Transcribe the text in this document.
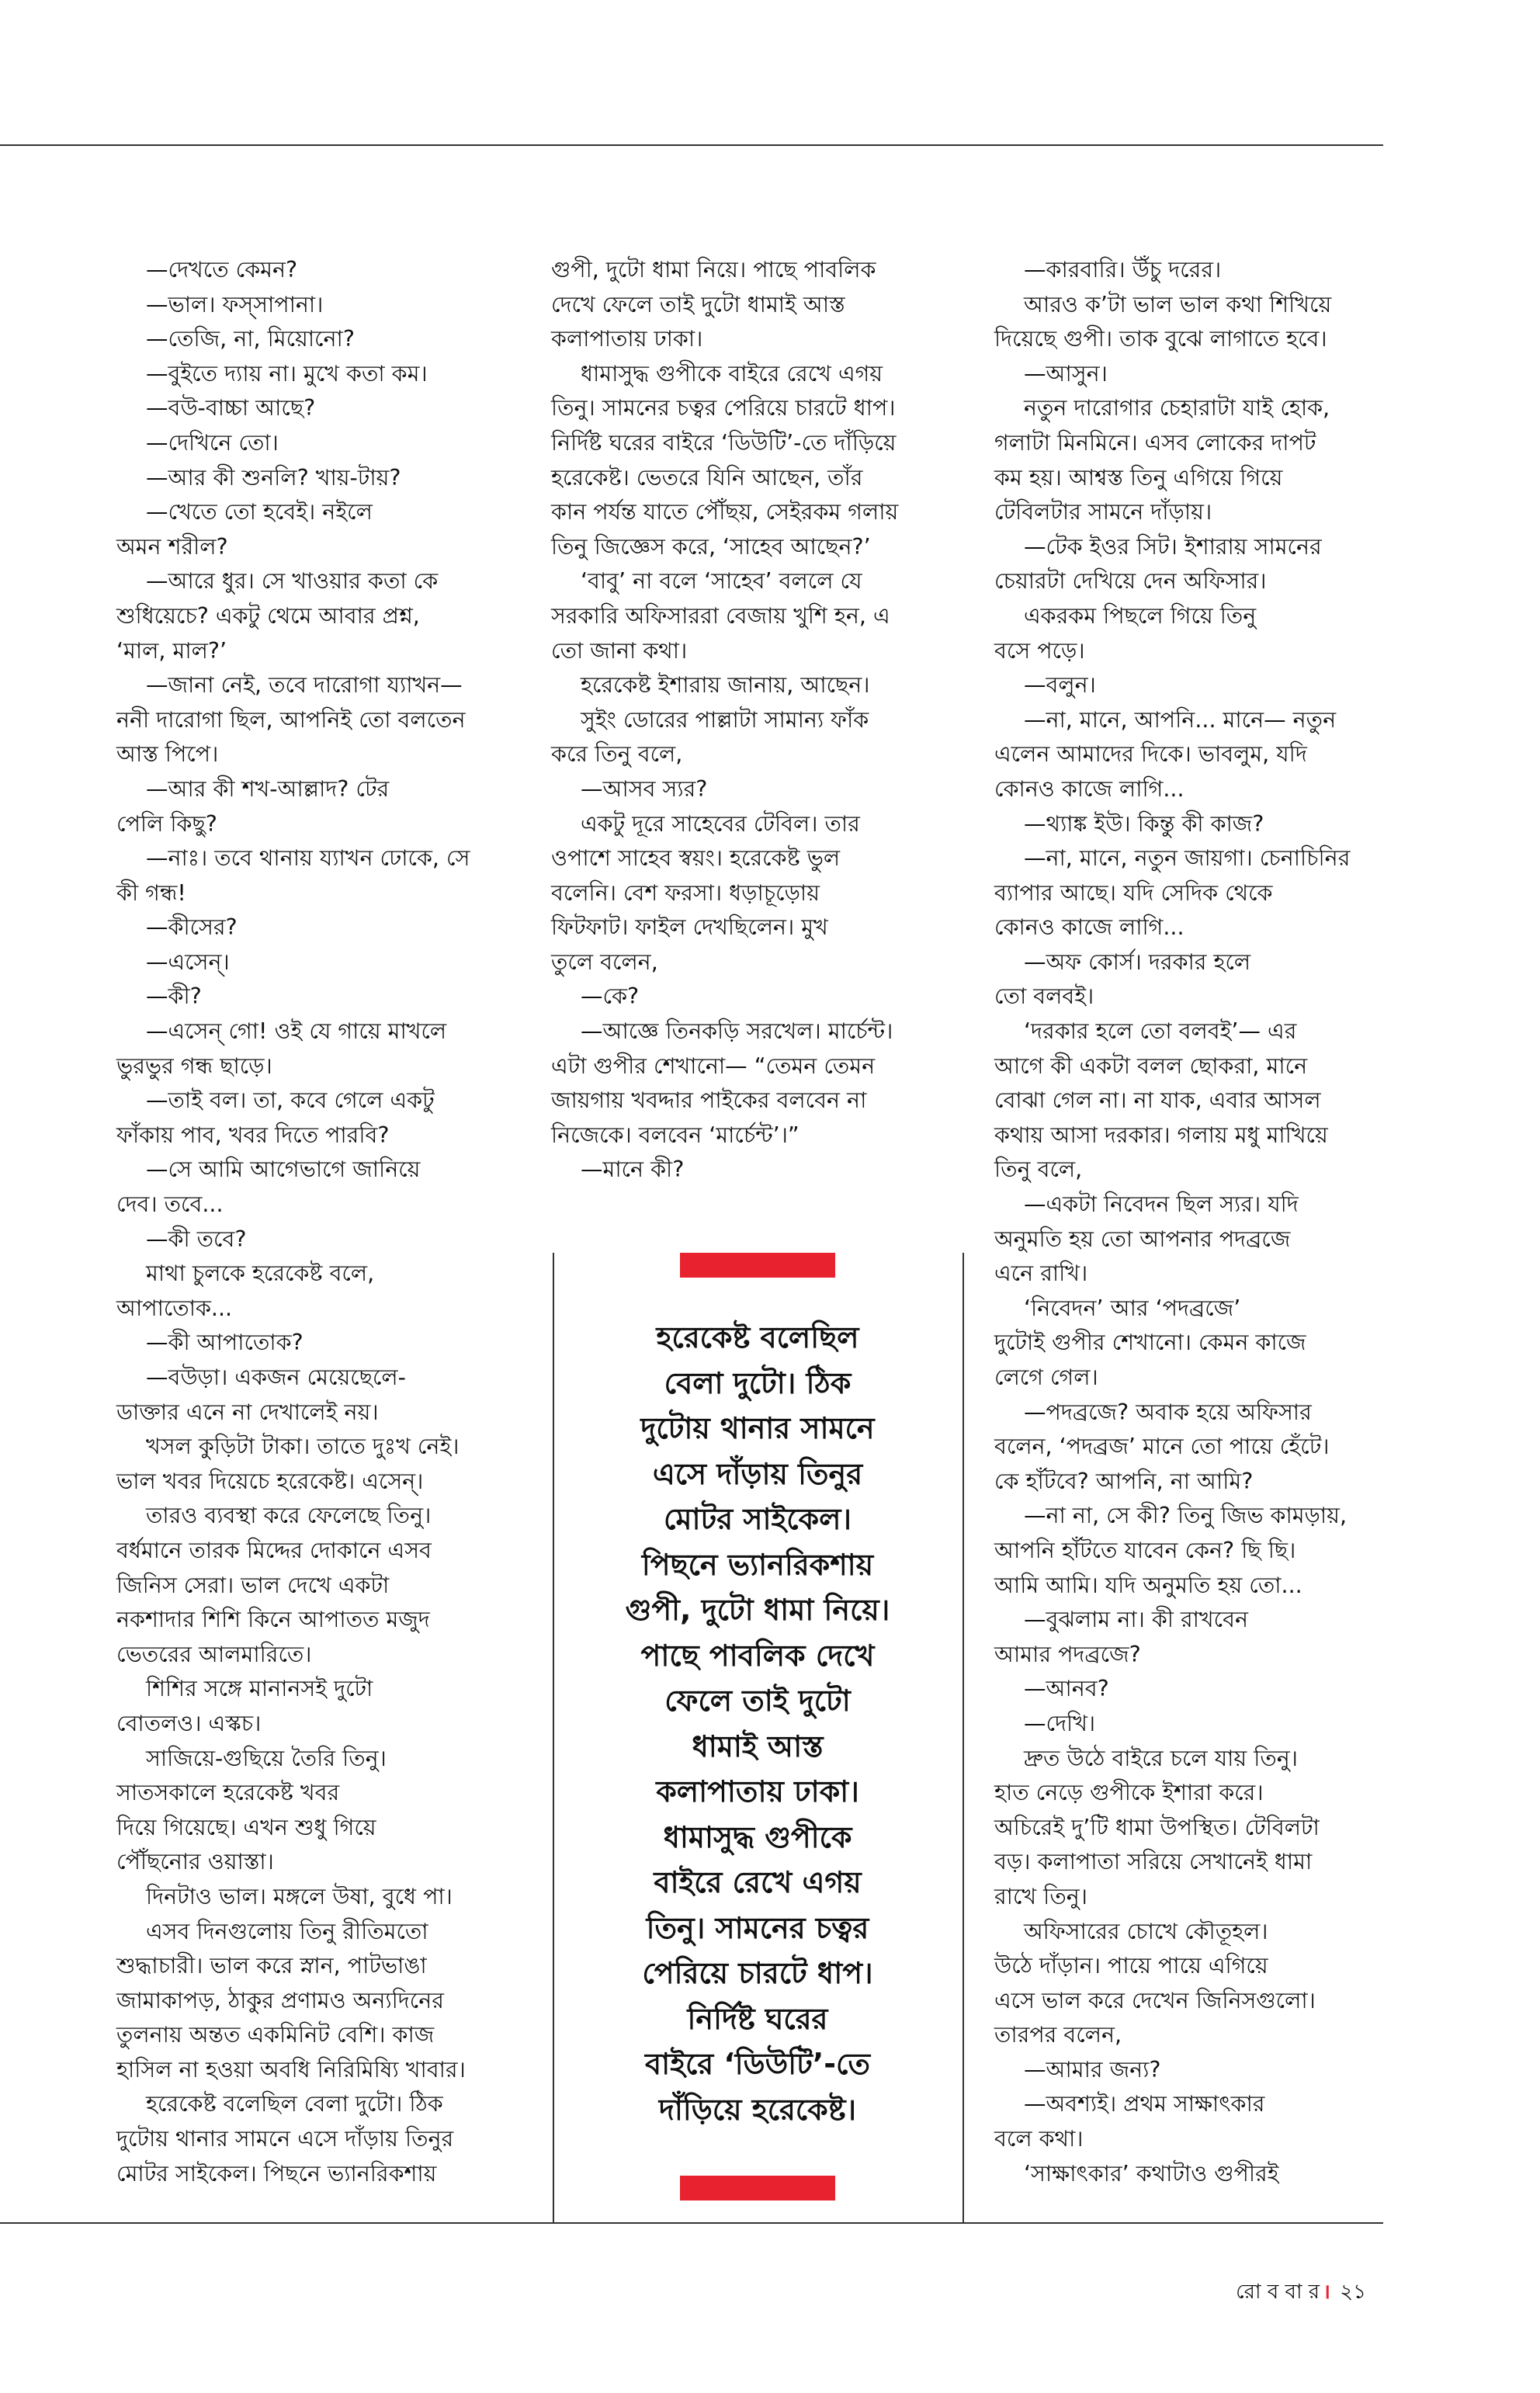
—দেখতে কেমন?

—ভাল। ফস্সাপানা।

—তেজি, না, মিয়োনো?

—বুইতে দ্যায় না। মুখে কতা কম।

—বউ-বাচ্চা আছে?

—দেখিনে তো।

—আর কী শুনলি? খায়-টায়?

—খেতে তো হবেই। নইলে

অমন শরীল?

—আরে ধুর। সে খাওয়ার কতা কে

শুধিয়েচে? একটু থেমে আবার প্রশ্ন,

‘মাল, মাল?’

—জানা নেই, তবে দারোগা য্যাখন—

ননী দারোগা ছিল, আপনিই তো বলতেন

আস্ত পিপে।

—আর কী শখ-আল্লাদ? টের

পেলি কিছু?

—নাঃ। তবে থানায় য্যাখন ঢোকে, সে

কী গন্ধ!

—কীসের?

—এসেন্।

—কী?

—এসেন্ গো! ওই যে গায়ে মাখলে

ভুরভুর গন্ধ ছাড়ে।

—তাই বল। তা, কবে গেলে একটু

ফাঁকায় পাব, খবর দিতে পারবি?

—সে আমি আগেভাগে জানিয়ে

দেব। তবে...

—কী তবে?

মাথা চুলকে হরেকেষ্ট বলে,

আপাতোক...

—কী আপাতোক?

—বউড়া। একজন মেয়েছেলে-

ডাক্তার এনে না দেখালেই নয়।

খসল কুড়িটা টাকা। তাতে দুঃখ নেই।

ভাল খবর দিয়েচে হরেকেষ্ট। এসেন্।

তারও ব্যবস্থা করে ফেলেছে তিনু।

বর্ধমানে তারক মিদ্দের দোকানে এসব

জিনিস সেরা। ভাল দেখে একটা

নকশাদার শিশি কিনে আপাতত মজুদ

ভেতরের আলমারিতে।

শিশির সঙ্গে মানানসই দুটো

বোতলও। এস্কচ।

সাজিয়ে-গুছিয়ে তৈরি তিনু।

সাতসকালে হরেকেষ্ট খবর

দিয়ে গিয়েছে। এখন শুধু গিয়ে

পৌঁছনোর ওয়াস্তা।

দিনটাও ভাল। মঙ্গলে উষা, বুধে পা।

এসব দিনগুলোয় তিনু রীতিমতো

শুদ্ধাচারী। ভাল করে স্নান, পাটভাঙা

জামাকাপড়, ঠাকুর প্রণামও অন্যদিনের

তুলনায় অন্তত একমিনিট বেশি। কাজ

হাসিল না হওয়া অবধি নিরিমিষ্যি খাবার।

হরেকেষ্ট বলেছিল বেলা দুটো। ঠিক

দুটোয় থানার সামনে এসে দাঁড়ায় তিনুর

মোটর সাইকেল। পিছনে ভ্যানরিকশায়

গুপী, দুটো ধামা নিয়ে। পাছে পাবলিক

দেখে ফেলে তাই দুটো ধামাই আস্ত

কলাপাতায় ঢাকা।

ধামাসুদ্ধ গুপীকে বাইরে রেখে এগয়

তিনু। সামনের চত্বর পেরিয়ে চারটে ধাপ।

নির্দিষ্ট ঘরের বাইরে ‘ডিউটি’-তে দাঁড়িয়ে

হরেকেষ্ট। ভেতরে যিনি আছেন, তাঁর

কান পর্যন্ত যাতে পৌঁছয়, সেইরকম গলায়

তিনু জিজ্ঞেস করে, ‘সাহেব আছেন?’

‘বাবু’ না বলে ‘সাহেব’ বললে যে

সরকারি অফিসাররা বেজায় খুশি হন, এ

তো জানা কথা।

হরেকেষ্ট ইশারায় জানায়, আছেন।

সুইং ডোরের পাল্লাটা সামান্য ফাঁক

করে তিনু বলে,

—আসব স্যর?

একটু দূরে সাহেবের টেবিল। তার

ওপাশে সাহেব স্বয়ং। হরেকেষ্ট ভুল

বলেনি। বেশ ফরসা। ধড়াচূড়োয়

ফিটফাট। ফাইল দেখছিলেন। মুখ

তুলে বলেন,

—কে?

—আজ্ঞে তিনকড়ি সরখেল। মার্চেন্ট।

এটা গুপীর শেখানো— “তেমন তেমন

জায়গায় খবদ্দার পাইকের বলবেন না

নিজেকে। বলবেন ‘মার্চেন্ট’।”

—মানে কী?

—কারবারি। উঁচু দরের।

আরও ক’টা ভাল ভাল কথা শিখিয়ে

দিয়েছে গুপী। তাক বুঝে লাগাতে হবে।

—আসুন।

নতুন দারোগার চেহারাটা যাই হোক,

গলাটা মিনমিনে। এসব লোকের দাপট

কম হয়। আশ্বস্ত তিনু এগিয়ে গিয়ে

টেবিলটার সামনে দাঁড়ায়।

—টেক ইওর সিট। ইশারায় সামনের

চেয়ারটা দেখিয়ে দেন অফিসার।

একরকম পিছলে গিয়ে তিনু

বসে পড়ে।

—বলুন।

—না, মানে, আপনি... মানে— নতুন

এলেন আমাদের দিকে। ভাবলুম, যদি

কোনও কাজে লাগি...

—থ্যাঙ্ক ইউ। কিন্তু কী কাজ?

—না, মানে, নতুন জায়গা। চেনাচিনির

ব্যাপার আছে। যদি সেদিক থেকে

কোনও কাজে লাগি...

—অফ কোর্স। দরকার হলে

তো বলবই।

‘দরকার হলে তো বলবই’— এর

আগে কী একটা বলল ছোকরা, মানে

বোঝা গেল না। না যাক, এবার আসল

কথায় আসা দরকার। গলায় মধু মাখিয়ে

তিনু বলে,

—একটা নিবেদন ছিল স্যর। যদি

অনুমতি হয় তো আপনার পদব্রজে

এনে রাখি।

‘নিবেদন’ আর ‘পদব্রজে’

দুটোই গুপীর শেখানো। কেমন কাজে

লেগে গেল।

—পদব্রজে? অবাক হয়ে অফিসার

বলেন, ‘পদব্রজ’ মানে তো পায়ে হেঁটে।

কে হাঁটবে? আপনি, না আমি?

—না না, সে কী? তিনু জিভ কামড়ায়,

আপনি হাঁটতে যাবেন কেন? ছি ছি।

আমি আমি। যদি অনুমতি হয় তো...

—বুঝলাম না। কী রাখবেন

আমার পদব্রজে?

—আনব?

—দেখি।

দ্রুত উঠে বাইরে চলে যায় তিনু।

হাত নেড়ে গুপীকে ইশারা করে।

অচিরেই দু’টি ধামা উপস্থিত। টেবিলটা

বড়। কলাপাতা সরিয়ে সেখানেই ধামা

রাখে তিনু।

অফিসারের চোখে কৌতূহল।

উঠে দাঁড়ান। পায়ে পায়ে এগিয়ে

এসে ভাল করে দেখেন জিনিসগুলো।

তারপর বলেন,

—আমার জন্য?

—অবশ্যই। প্রথম সাক্ষাৎকার

বলে কথা।

‘সাক্ষাৎকার’ কথাটাও গুপীরই

হরেকেষ্ট বলেছিল
বেলা দুটো। ঠিক
দুটোয় থানার সামনে
এসে দাঁড়ায় তিনুর
মোটর সাইকেল।
পিছনে ভ্যানরিকশায়
গুপী, দুটো ধামা নিয়ে।
পাছে পাবলিক দেখে
ফেলে তাই দুটো
ধামাই আস্ত
কলাপাতায় ঢাকা।
ধামাসুদ্ধ গুপীকে
বাইরে রেখে এগয়
তিনু। সামনের চত্বর
পেরিয়ে চারটে ধাপ।
নির্দিষ্ট ঘরের
বাইরে ‘ডিউটি’-তে
দাঁড়িয়ে হরেকেষ্ট।
রো ব বা র । ২১
